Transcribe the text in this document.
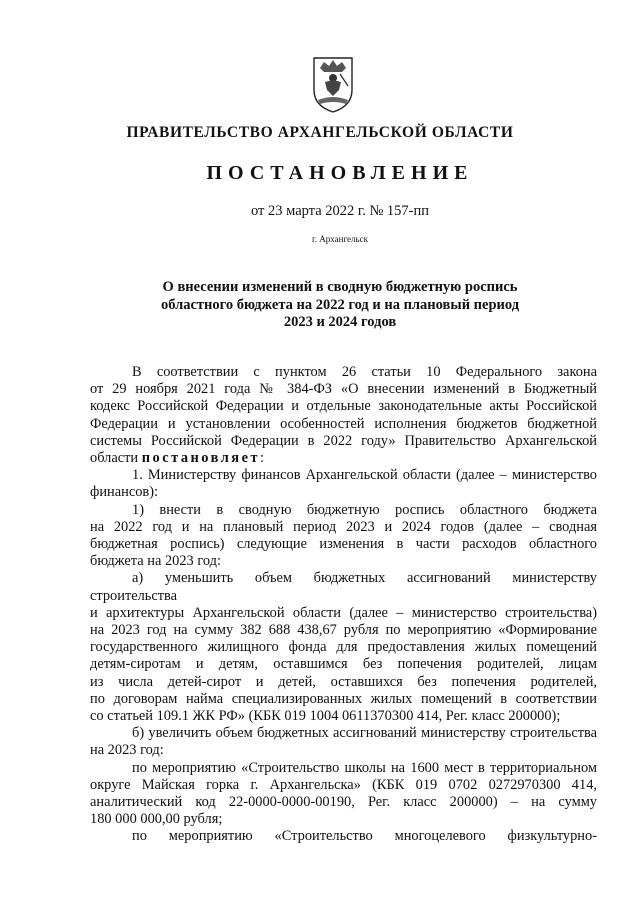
ПРАВИТЕЛЬСТВО АРХАНГЕЛЬСКОЙ ОБЛАСТИ
ПОСТАНОВЛЕНИЕ
от 23 марта 2022 г. № 157-пп
г. Архангельск
О внесении изменений в сводную бюджетную роспись
областного бюджета на 2022 год и на плановый период
2023 и 2024 годов

В соответствии с пунктом 26 статьи 10 Федерального закона

от 29 ноября 2021 года № 384-ФЗ «О внесении изменений в Бюджетный

кодекс Российской Федерации и отдельные законодательные акты Российской

Федерации и установлении особенностей исполнения бюджетов бюджетной

системы Российской Федерации в 2022 году» Правительство Архангельской

области постановляет:

1. Министерству финансов Архангельской области (далее – министерство

финансов):

1) внести в сводную бюджетную роспись областного бюджета

на 2022 год и на плановый период 2023 и 2024 годов (далее – сводная

бюджетная роспись) следующие изменения в части расходов областного

бюджета на 2023 год:

а) уменьшить объем бюджетных ассигнований министерству строительства

и архитектуры Архангельской области (далее – министерство строительства)

на 2023 год на сумму 382 688 438,67 рубля по мероприятию «Формирование

государственного жилищного фонда для предоставления жилых помещений

детям-сиротам и детям, оставшимся без попечения родителей, лицам

из числа детей-сирот и детей, оставшихся без попечения родителей,

по договорам найма специализированных жилых помещений в соответствии

со статьей 109.1 ЖК РФ» (КБК 019 1004 0611370300 414, Рег. класс 200000);

б) увеличить объем бюджетных ассигнований министерству строительства

на 2023 год:

по мероприятию «Строительство школы на 1600 мест в территориальном

округе Майская горка г. Архангельска» (КБК 019 0702 0272970300 414,

аналитический код 22-0000-0000-00190, Рег. класс 200000) – на сумму

180 000 000,00 рубля;

по мероприятию «Строительство многоцелевого физкультурно-
